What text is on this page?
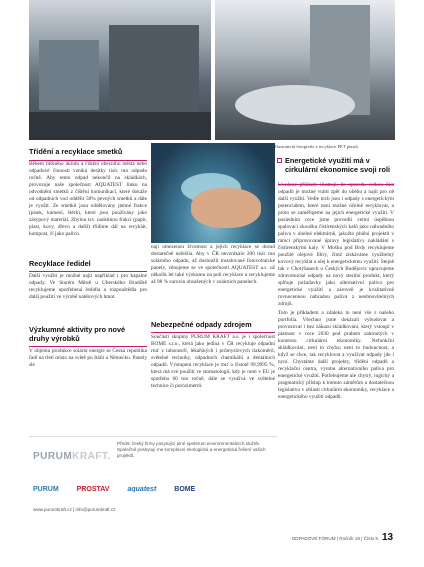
Ilustrativní fotografie z recyklace PET plastů.
Třídění a recyklace smetků
Během běžného úklidu a čištění obecního města nebo odpadové činnosti vzniká desítky tisíc tun odpadu ročně. Aby tento odpad nekončil na skládkách, provozuje naše společnost AQUATEST linku na odvodnění smetků z čištění komunikací, které dokáže od odpadních vod oddělit 50% pevných smetků a dále je využít. Ze smetků jsou oddělovány jemné frakce (písek, kamení, štěrk), které jsou používány jako zásypový materiál. Zbylou tzv. nadsítnou frakci (papír, plast, kovy, dřevo a další) třídíme dál na recyklát, kompost, či jako palivo.
Recyklace ředidel
Další využití je možné najít například i pro kapalné odpady. Ve Starém Městě u Uherského Hradiště recyklujeme upotřebená ředidla a rozpouštědla pro další použití ve výrobě nátěrových hmot.
Výzkumné aktivity pro nové druhy výrobků
V objemu produkce solární energie se Česká republika řadí na třetí místo na světě po Itálii a Německu. Panely sle
nají omezenou životnost a jejich recyklace se dosud dostatečně neřešila. Aby v ČR nevznikalo 200 tisíc tun solárního odpadu, až dosloužil instalované fotovoltaické panely, věnujeme se ve společnosti AQUATEST a.s. už několik let také výzkumu na poli recyklace a recyklujeme až 98 % surovin obsažených v solárních panelech.
Nebezpečné odpady zdrojem
Součástí skupiny PURUM KRAFT a.s. je i společnost BOME s.r.o., která jako jediná v ČR recykluje odpadní rtuť z laboratoří, lékařských i průmyslových tlakoměrů, světelné techniky, odpadních chemikálií a dentálních odpadů. Výstupem recyklace je rtuť o čistotě 99,9995 %, která má své použití ve stomatologii, kdy je nom v EU je spotřeba 60 tun ročně, dále se využívá ve světelné technice či porozimetrii.
Energetické využití má v cirkulární ekonomice svoji roli
odpadů je možné vrátit zpět do oběhu a najít pro ně další využití. Vedle nich jsou i odpady s energetickým potenciálem, které není možné účelně recyklovat, a proto se zaměřujeme na jejich energetické využití. V posledním roce jsme provedli velmi úspěšnou spalovací zkoušku čistírenských kalů jako náhradního paliva v uhelné elektrárně, jakožto plnění projektů v rámci připravované úpravy legislativy nakládání s čistírenskými kaly. V Mošku pod Brdy recyklujeme použité olejové filtry, čímž získáváme využitelný kovový recyklát a olej k energetickému využití. Stejně tak v Chotýšanech u Českých Budějovic upravujeme zdravotnické odpady na nový sterilní produkt, který splňuje požadavky jako alternativní palivo pro energetické využití a zároveň je kvalitativně rovnocennou náhradou paliva z neobnovitelných zdrojů.
Toto je příkladem a zdaleka to není vše z našeho portfolia. Všechno jsme dokázali vybudovat a provozovat i bez zákazu skládkování, který vstoupí v platnost v roce 2030 pod prahem zahrnutých v kontextu cirkulární ekonomiky. Nefunkční skládkování, není to chyba; není to budoucnost, a když se chce, tak recyklovat a využívat odpady jde i nyní. Chystáme další projekty, třídění odpadů a recyklační centra, výrobu alternativního paliva pro energetické využití. Potřebujeme ale chytrý, logický a pragmatický přístup k tomuto záměrům a dostatečnou legislativu v oblasti cirkulární ekonomiky, recyklace a energetického využití odpadů.
PURUMKRAFT.
Přední český firmy posytující plné spektrum environmentálních služeb. Společně poskytují me komplexní ekologická a energetická řešení vašich projektů.
PURUM	PROSTAV	aquatest	BOME
www.purumkraft.cz | info@purumkraft.cz
ODPADOVÉ FÓRUM | Ročník 19 | Číslo 9 13
